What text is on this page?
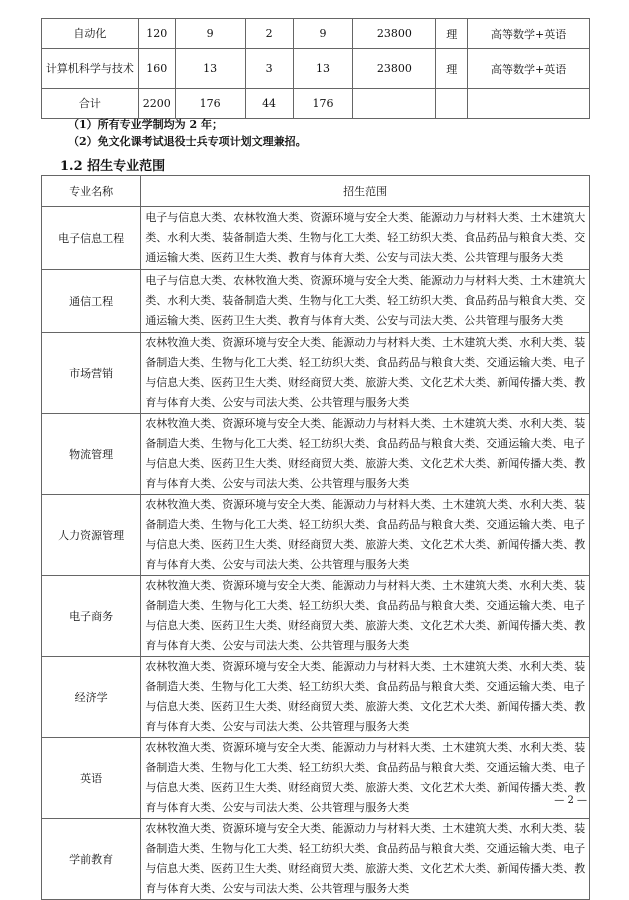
自动化	120	9	2	9	23800	理	高等数学+英语
计算机科学与技术	160	13	3	13	23800	理	高等数学+英语
合计	2200	176	44	176			
（1）所有专业学制均为 2 年；
（2）免文化课考试退役士兵专项计划文理兼招。
1.2 招生专业范围
专业名称	招生范围
电子信息工程	电子与信息大类、农林牧渔大类、资源环境与安全大类、能源动力与材料大类、土木建筑大类、水利大类、装备制造大类、生物与化工大类、轻工纺织大类、食品药品与粮食大类、交通运输大类、医药卫生大类、教育与体育大类、公安与司法大类、公共管理与服务大类
通信工程	电子与信息大类、农林牧渔大类、资源环境与安全大类、能源动力与材料大类、土木建筑大类、水利大类、装备制造大类、生物与化工大类、轻工纺织大类、食品药品与粮食大类、交通运输大类、医药卫生大类、教育与体育大类、公安与司法大类、公共管理与服务大类
市场营销	农林牧渔大类、资源环境与安全大类、能源动力与材料大类、土木建筑大类、水利大类、装备制造大类、生物与化工大类、轻工纺织大类、食品药品与粮食大类、交通运输大类、电子与信息大类、医药卫生大类、财经商贸大类、旅游大类、文化艺术大类、新闻传播大类、教育与体育大类、公安与司法大类、公共管理与服务大类
物流管理	农林牧渔大类、资源环境与安全大类、能源动力与材料大类、土木建筑大类、水利大类、装备制造大类、生物与化工大类、轻工纺织大类、食品药品与粮食大类、交通运输大类、电子与信息大类、医药卫生大类、财经商贸大类、旅游大类、文化艺术大类、新闻传播大类、教育与体育大类、公安与司法大类、公共管理与服务大类
人力资源管理	农林牧渔大类、资源环境与安全大类、能源动力与材料大类、土木建筑大类、水利大类、装备制造大类、生物与化工大类、轻工纺织大类、食品药品与粮食大类、交通运输大类、电子与信息大类、医药卫生大类、财经商贸大类、旅游大类、文化艺术大类、新闻传播大类、教育与体育大类、公安与司法大类、公共管理与服务大类
电子商务	农林牧渔大类、资源环境与安全大类、能源动力与材料大类、土木建筑大类、水利大类、装备制造大类、生物与化工大类、轻工纺织大类、食品药品与粮食大类、交通运输大类、电子与信息大类、医药卫生大类、财经商贸大类、旅游大类、文化艺术大类、新闻传播大类、教育与体育大类、公安与司法大类、公共管理与服务大类
经济学	农林牧渔大类、资源环境与安全大类、能源动力与材料大类、土木建筑大类、水利大类、装备制造大类、生物与化工大类、轻工纺织大类、食品药品与粮食大类、交通运输大类、电子与信息大类、医药卫生大类、财经商贸大类、旅游大类、文化艺术大类、新闻传播大类、教育与体育大类、公安与司法大类、公共管理与服务大类
英语	农林牧渔大类、资源环境与安全大类、能源动力与材料大类、土木建筑大类、水利大类、装备制造大类、生物与化工大类、轻工纺织大类、食品药品与粮食大类、交通运输大类、电子与信息大类、医药卫生大类、财经商贸大类、旅游大类、文化艺术大类、新闻传播大类、教育与体育大类、公安与司法大类、公共管理与服务大类
学前教育	农林牧渔大类、资源环境与安全大类、能源动力与材料大类、土木建筑大类、水利大类、装备制造大类、生物与化工大类、轻工纺织大类、食品药品与粮食大类、交通运输大类、电子与信息大类、医药卫生大类、财经商贸大类、旅游大类、文化艺术大类、新闻传播大类、教育与体育大类、公安与司法大类、公共管理与服务大类
— 2 —
